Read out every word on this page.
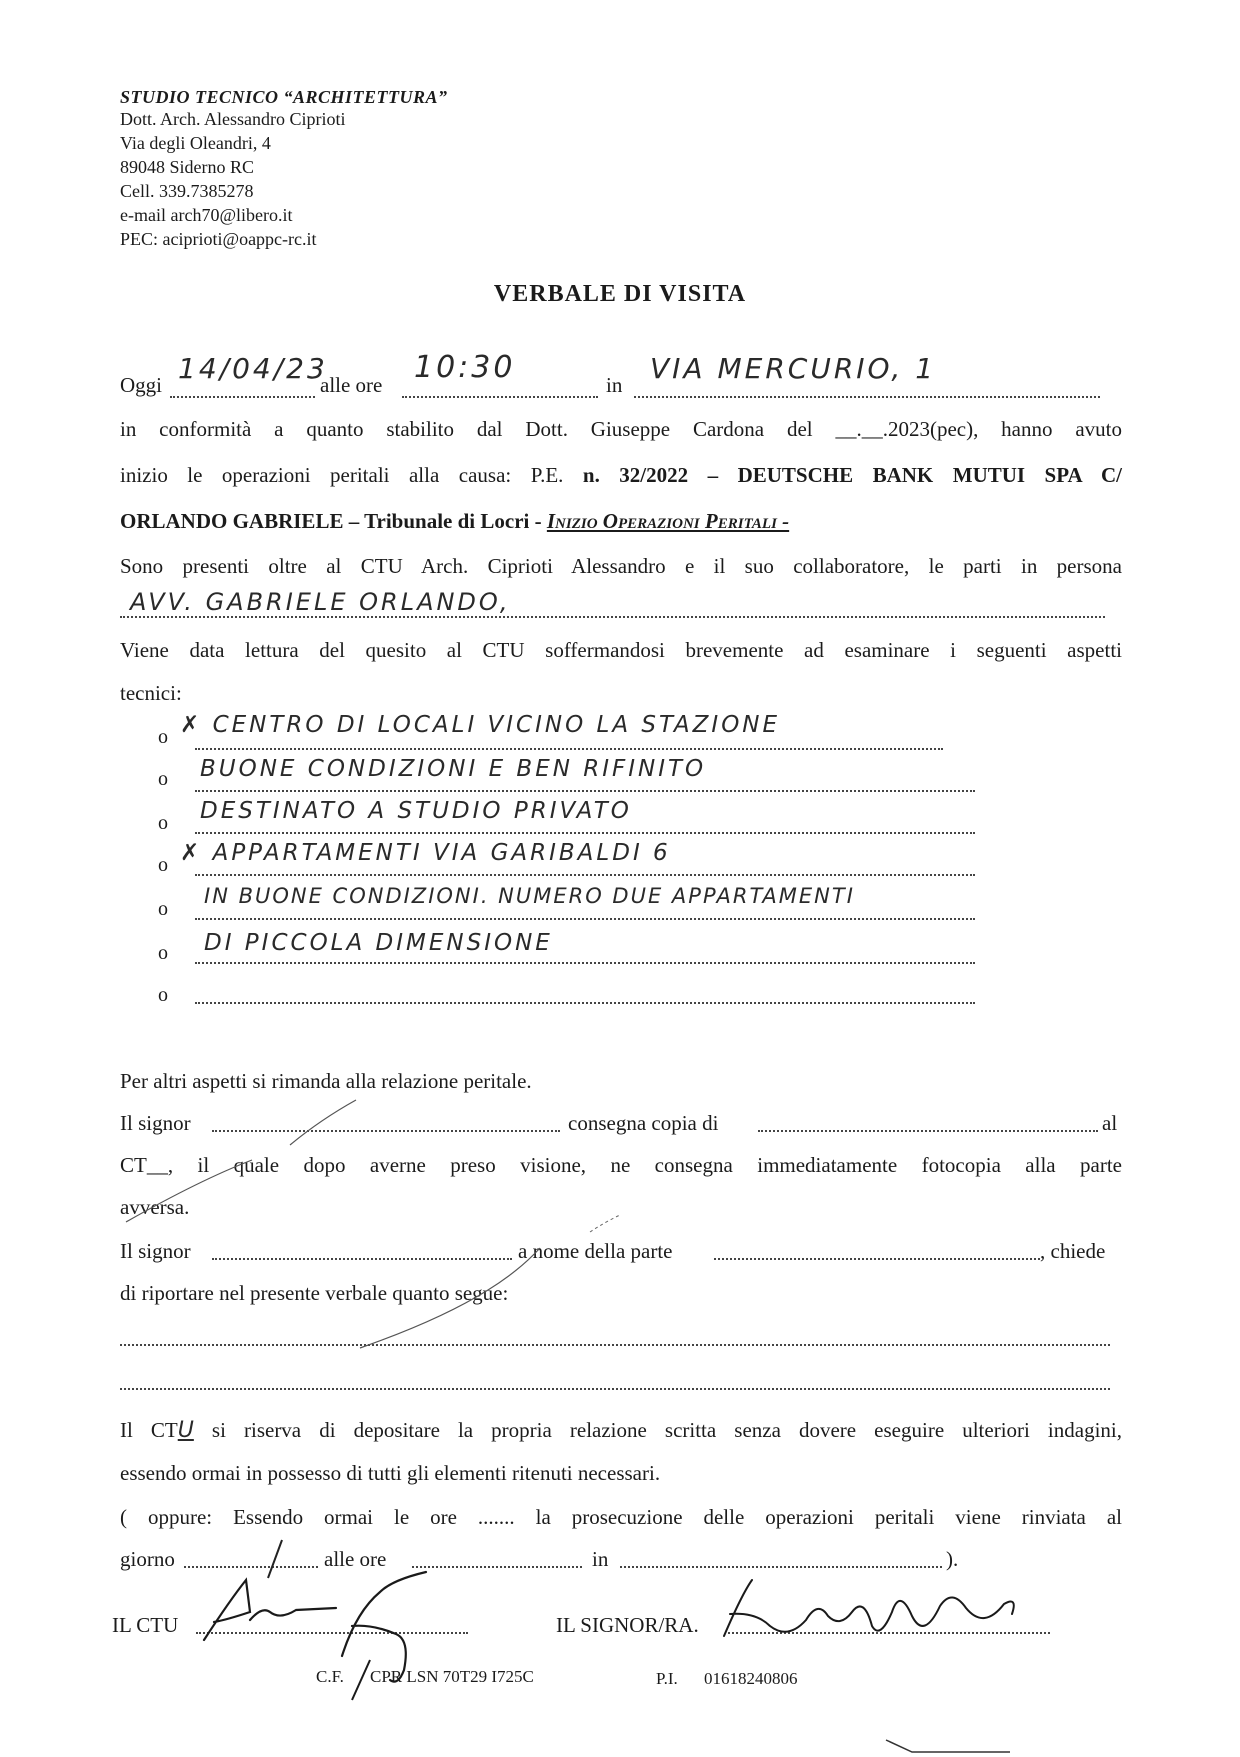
STUDIO TECNICO “ARCHITETTURA”
Dott. Arch. Alessandro Ciprioti
Via degli Oleandri, 4
89048 Siderno RC
Cell. 339.7385278
e-mail arch70@libero.it
PEC: aciprioti@oappc-rc.it
VERBALE DI VISITA
Oggi 14/04/23
alle ore 10:30	in VIA MERCURIO, 1
in conformità a quanto stabilito dal Dott. Giuseppe Cardona del __.__.2023(pec), hanno avuto
inizio le operazioni peritali alla causa: P.E. n. 32/2022 – DEUTSCHE BANK MUTUI SPA C/
ORLANDO GABRIELE – Tribunale di Locri - Inizio Operazioni Peritali -
Sono presenti oltre al CTU Arch. Ciprioti Alessandro e il suo collaboratore, le parti in persona
AVV. GABRIELE ORLANDO,
Viene data lettura del quesito al CTU soffermandosi brevemente ad esaminare i seguenti aspetti
tecnici:
o ✗ CENTRO DI LOCALI VICINO LA STAZIONE
o BUONE CONDIZIONI E BEN RIFINITO
o DESTINATO A STUDIO PRIVATO
o ✗ APPARTAMENTI VIA GARIBALDI 6
o
IN BUONE CONDIZIONI. NUMERO DUE APPARTAMENTI
o DI PICCOLA DIMENSIONE
o
Per altri aspetti si rimanda alla relazione peritale.
Il signor	consegna copia di	al
CT__, il quale dopo averne preso visione, ne consegna immediatamente fotocopia alla parte
avversa.
Il signor	a nome della parte	, chiede
di riportare nel presente verbale quanto segue:
Il CTU si riserva di depositare la propria relazione scritta senza dovere eseguire ulteriori indagini,
essendo ormai in possesso di tutti gli elementi ritenuti necessari.
( oppure: Essendo ormai le ore ....... la prosecuzione delle operazioni peritali viene rinviata al
giorno	alle ore	in	).
IL CTU	IL SIGNOR/RA.
C.F. CPR LSN 70T29 I725C	P.I. 01618240806
